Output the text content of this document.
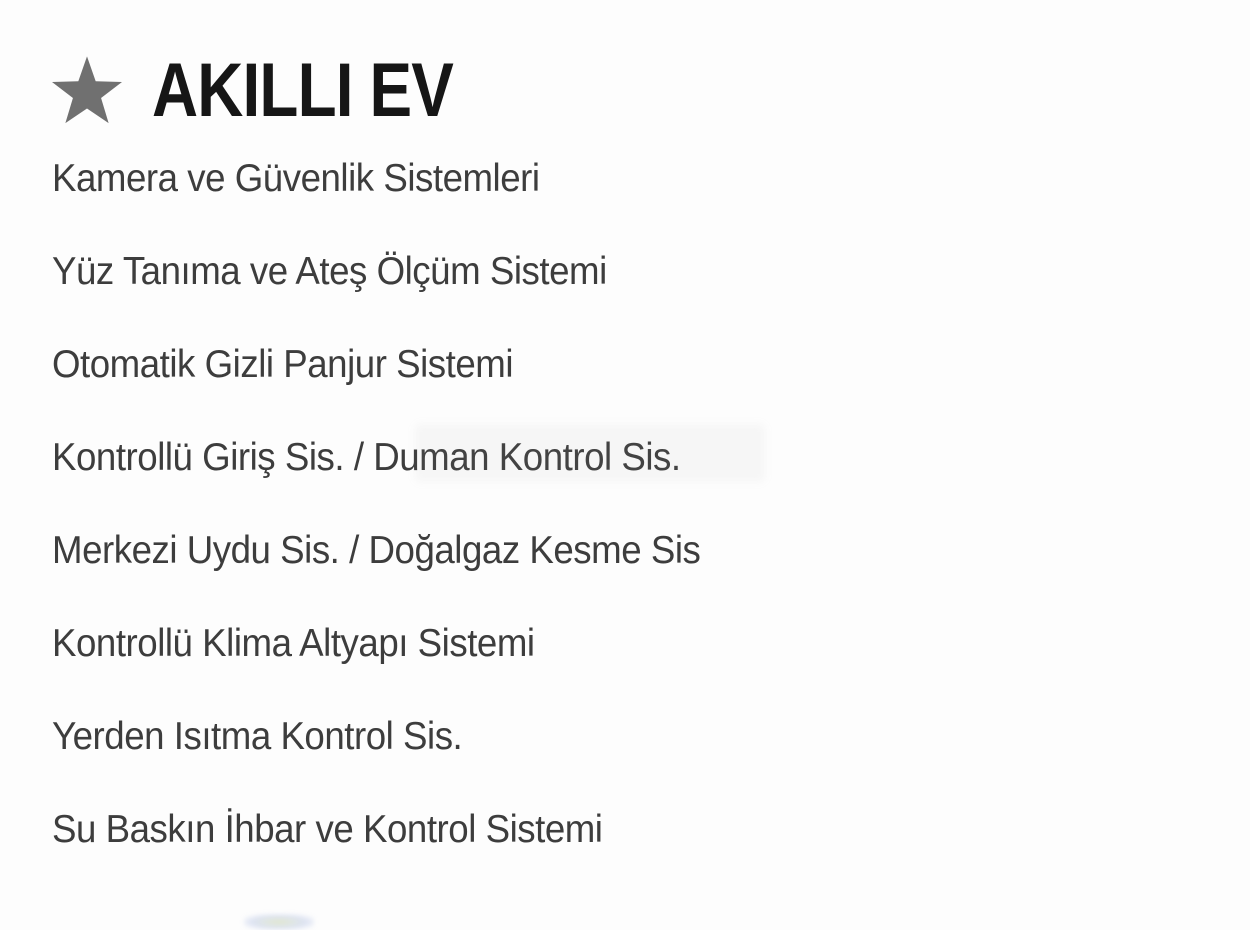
AKILLI EV
Kamera ve Güvenlik Sistemleri
Yüz Tanıma ve Ateş Ölçüm Sistemi
Otomatik Gizli Panjur Sistemi
Kontrollü Giriş Sis. / Duman Kontrol Sis.
Merkezi Uydu Sis. / Doğalgaz Kesme Sis
Kontrollü Klima Altyapı Sistemi
Yerden Isıtma Kontrol Sis.
Su Baskın İhbar ve Kontrol Sistemi
